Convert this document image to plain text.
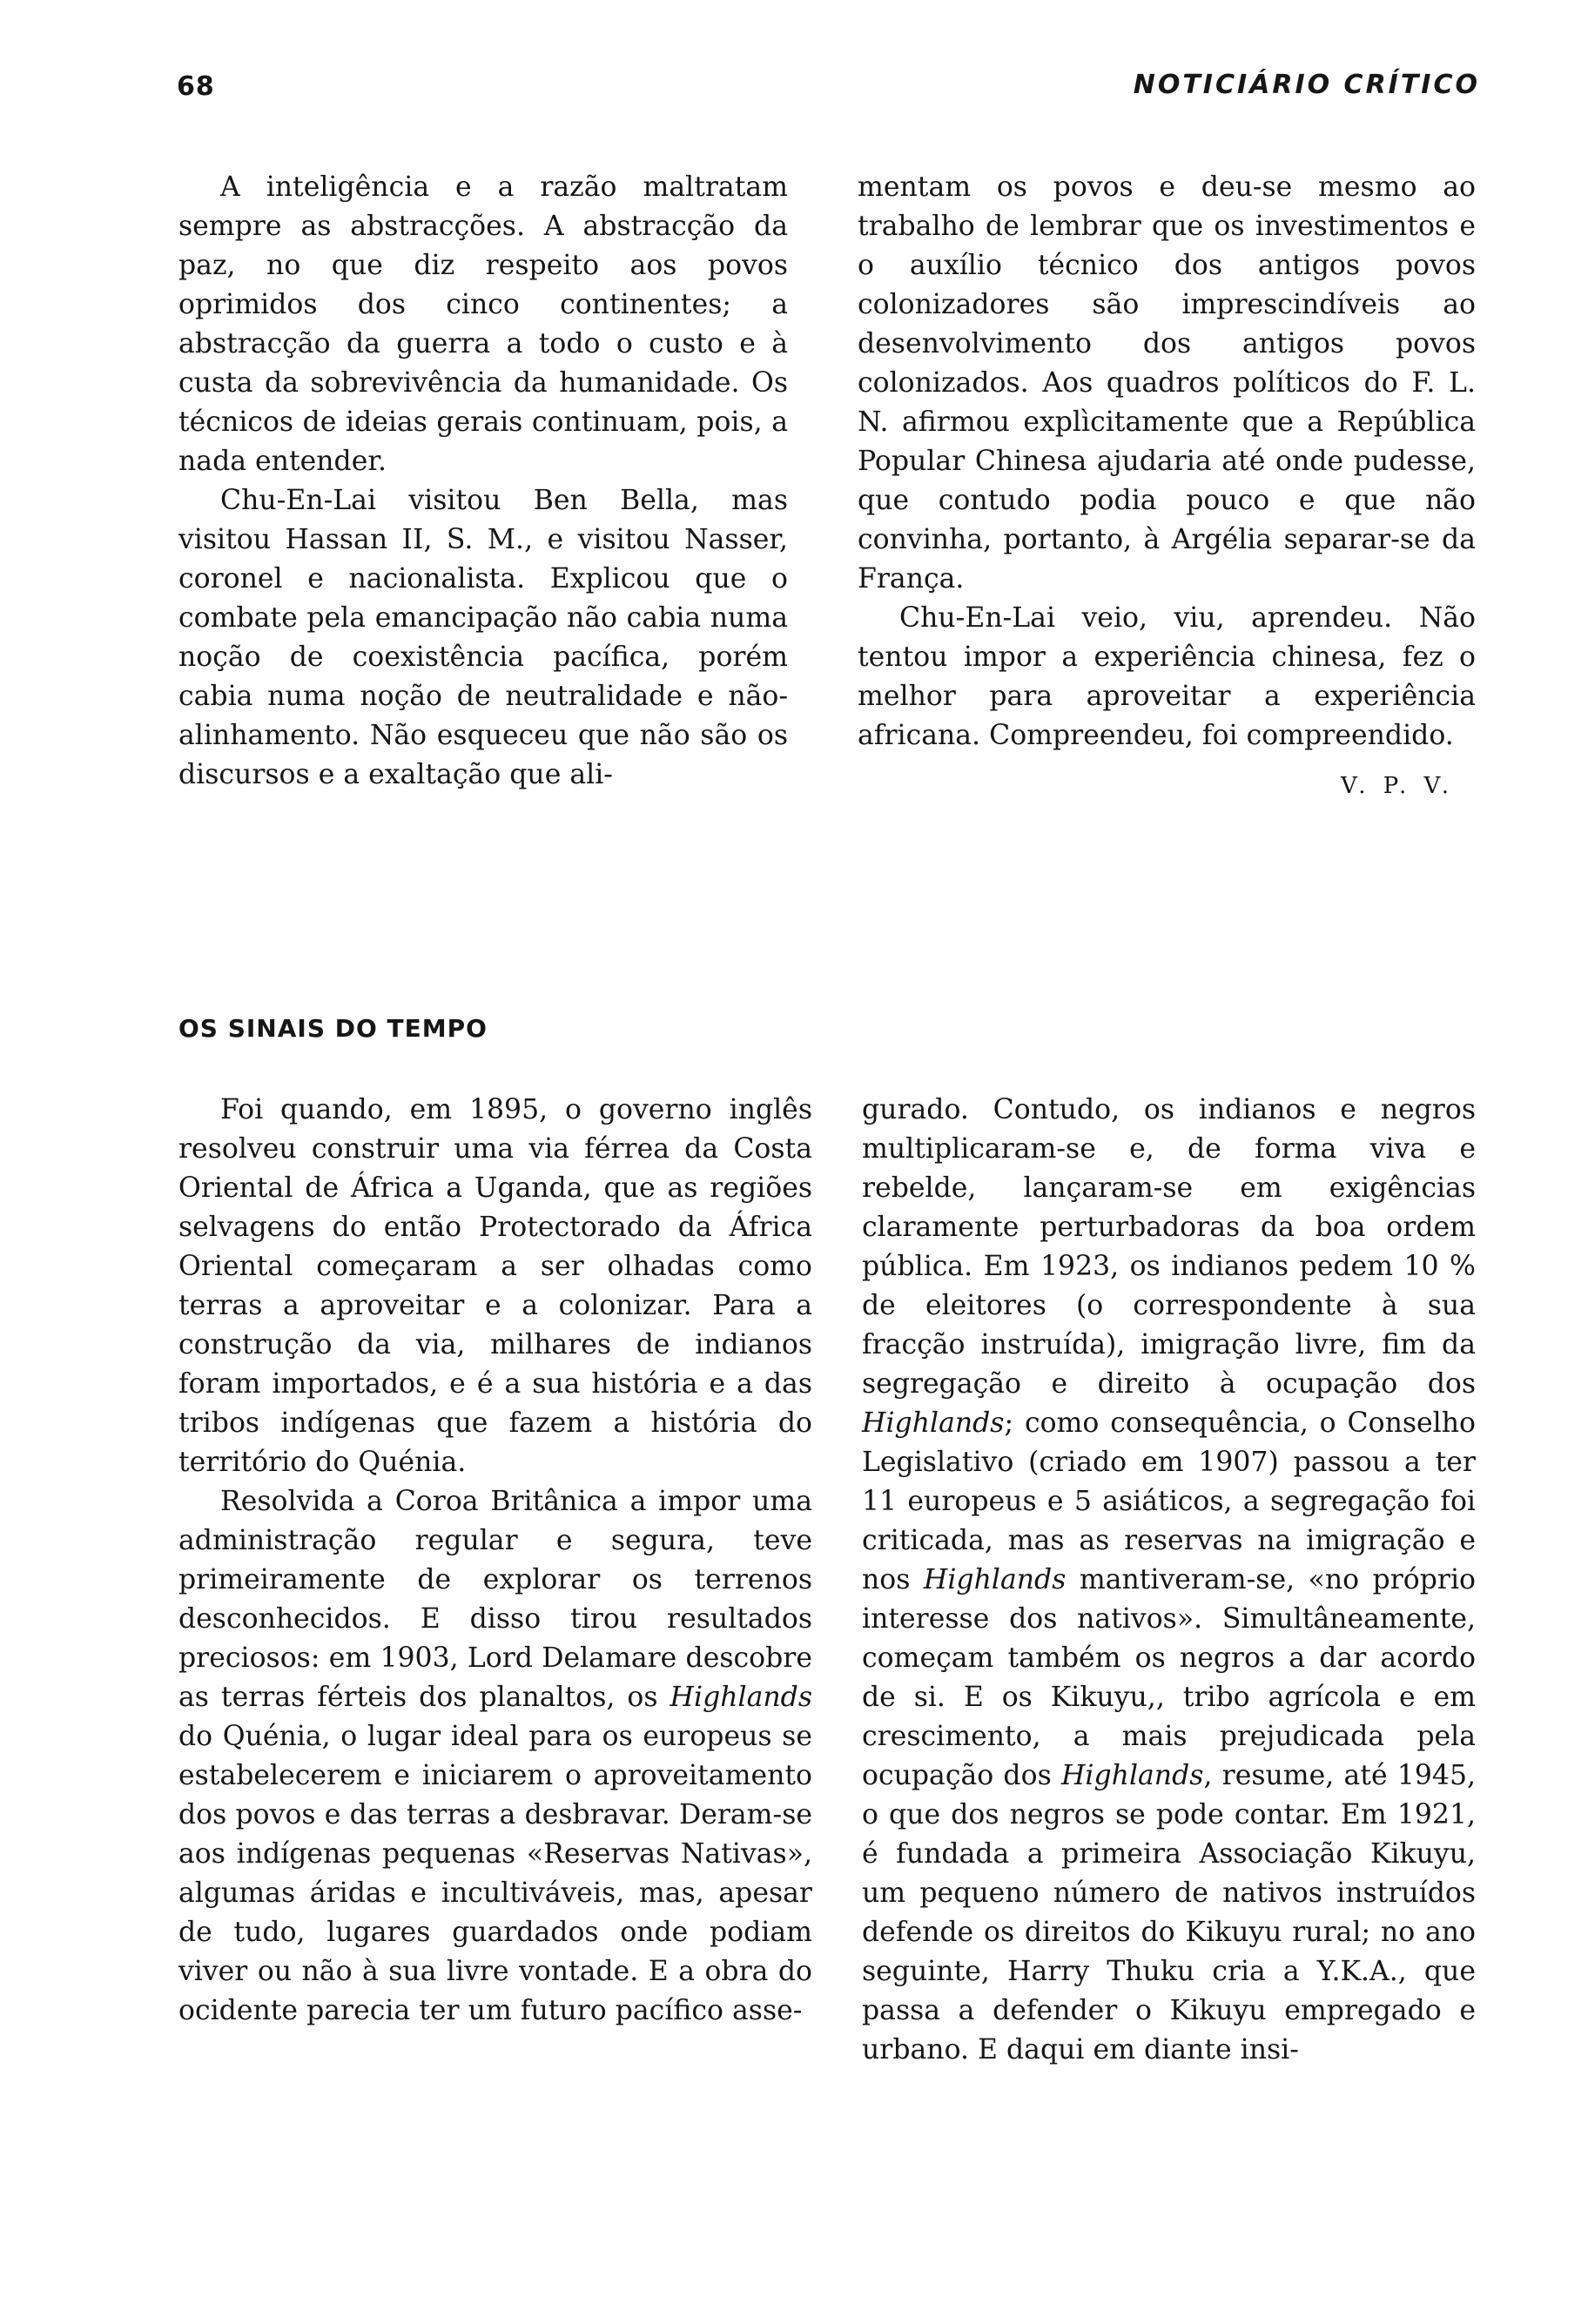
68	NOTICIÁRIO CRÍTICO

A inteligência e a razão maltratam sempre as abstracções. A abstracção da paz, no que diz respeito aos povos oprimidos dos cinco continentes; a abstracção da guerra a todo o custo e à custa da sobrevivência da humanidade. Os técnicos de ideias gerais continuam, pois, a nada entender.

Chu-En-Lai visitou Ben Bella, mas visitou Hassan II, S. M., e visitou Nasser, coronel e nacionalista. Explicou que o combate pela emancipação não cabia numa noção de coexistência pacífica, porém cabia numa noção de neutralidade e não-alinhamento. Não esqueceu que não são os discursos e a exaltação que ali-

mentam os povos e deu-se mesmo ao trabalho de lembrar que os investimentos e o auxílio técnico dos antigos povos colonizadores são imprescindíveis ao desenvolvimento dos antigos povos colonizados. Aos quadros políticos do F. L. N. afirmou explìcitamente que a República Popular Chinesa ajudaria até onde pudesse, que contudo podia pouco e que não convinha, portanto, à Argélia separar-se da França.

Chu-En-Lai veio, viu, aprendeu. Não tentou impor a experiência chinesa, fez o melhor para aproveitar a experiência africana. Compreendeu, foi compreendido.

V. P. V.
OS SINAIS DO TEMPO

Foi quando, em 1895, o governo inglês resolveu construir uma via férrea da Costa Oriental de África a Uganda, que as regiões selvagens do então Protectorado da África Oriental começaram a ser olhadas como terras a aproveitar e a colonizar. Para a construção da via, milhares de indianos foram importados, e é a sua história e a das tribos indígenas que fazem a história do território do Quénia.

Resolvida a Coroa Britânica a impor uma administração regular e segura, teve primeiramente de explorar os terrenos desconhecidos. E disso tirou resultados preciosos: em 1903, Lord Delamare descobre as terras férteis dos planaltos, os Highlands do Quénia, o lugar ideal para os europeus se estabelecerem e iniciarem o aproveitamento dos povos e das terras a desbravar. Deram-se aos indígenas pequenas «Reservas Nativas», algumas áridas e incultiváveis, mas, apesar de tudo, lugares guardados onde podiam viver ou não à sua livre vontade. E a obra do ocidente parecia ter um futuro pacífico asse-

gurado. Contudo, os indianos e negros multiplicaram-se e, de forma viva e rebelde, lançaram-se em exigências claramente perturbadoras da boa ordem pública. Em 1923, os indianos pedem 10 % de eleitores (o correspondente à sua fracção instruída), imigração livre, fim da segregação e direito à ocupação dos Highlands; como consequência, o Conselho Legislativo (criado em 1907) passou a ter 11 europeus e 5 asiáticos, a segregação foi criticada, mas as reservas na imigração e nos Highlands mantiveram-se, «no próprio interesse dos nativos». Simultâneamente, começam também os negros a dar acordo de si. E os Kikuyu,, tribo agrícola e em crescimento, a mais prejudicada pela ocupação dos Highlands, resume, até 1945, o que dos negros se pode contar. Em 1921, é fundada a primeira Associação Kikuyu, um pequeno número de nativos instruídos defende os direitos do Kikuyu rural; no ano seguinte, Harry Thuku cria a Y.K.A., que passa a defender o Kikuyu empregado e urbano. E daqui em diante insi-
